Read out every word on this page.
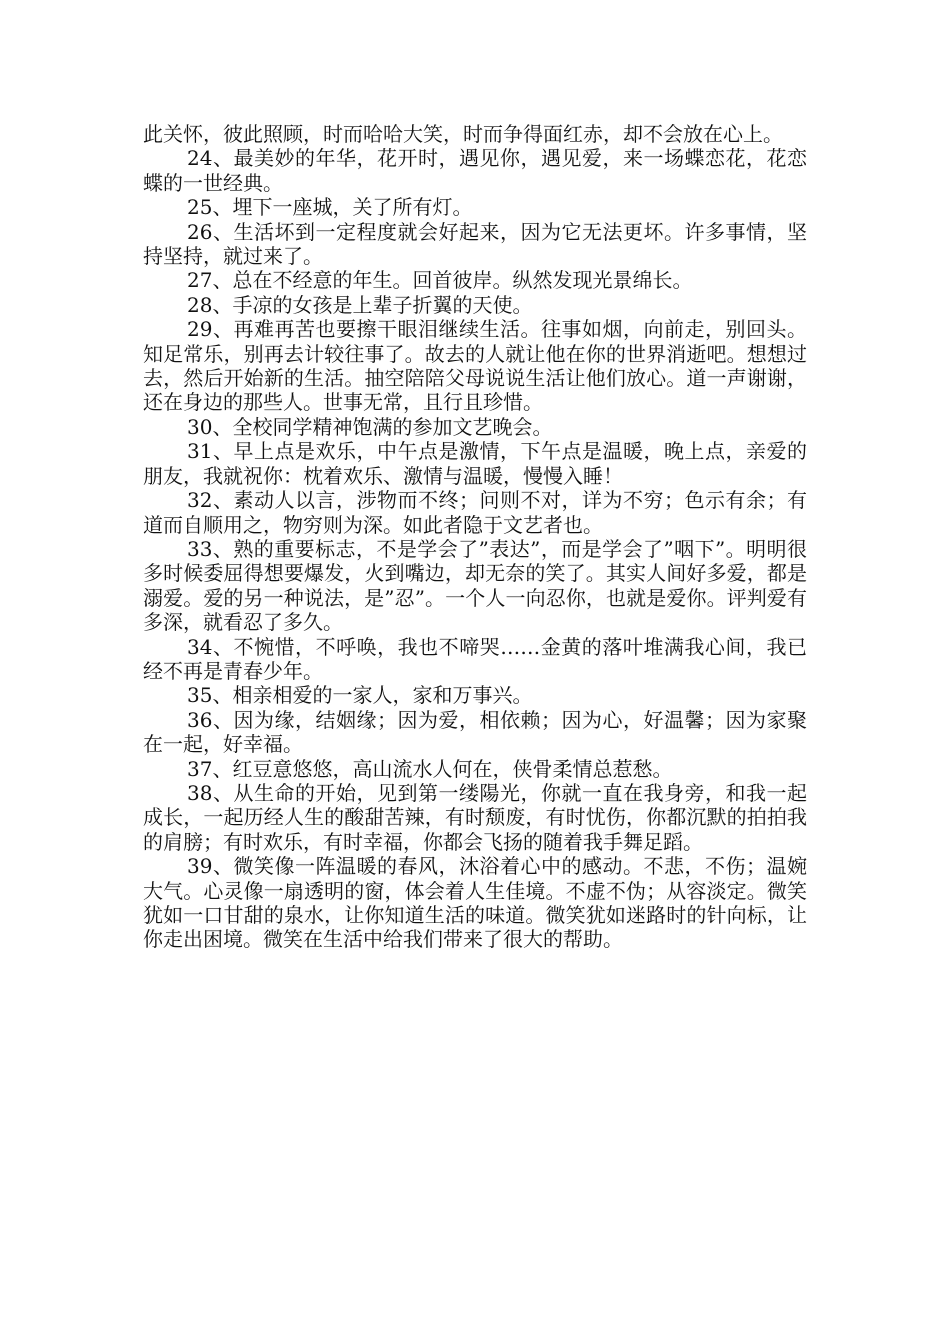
此关怀，彼此照顾，时而哈哈大笑，时而争得面红赤，却不会放在心上。

24、最美妙的年华，花开时，遇见你，遇见爱，来一场蝶恋花，花恋蝶的一世经典。

25、埋下一座城，关了所有灯。

26、生活坏到一定程度就会好起来，因为它无法更坏。许多事情，坚持坚持，就过来了。

27、总在不经意的年生。回首彼岸。纵然发现光景绵长。

28、手凉的女孩是上辈子折翼的天使。

29、再难再苦也要擦干眼泪继续生活。往事如烟，向前走，别回头。知足常乐，别再去计较往事了。故去的人就让他在你的世界消逝吧。想想过去，然后开始新的生活。抽空陪陪父母说说生活让他们放心。道一声谢谢，还在身边的那些人。世事无常，且行且珍惜。

30、全校同学精神饱满的参加文艺晚会。

31、早上点是欢乐，中午点是激情，下午点是温暖，晚上点，亲爱的朋友，我就祝你：枕着欢乐、激情与温暖，慢慢入睡！

32、素动人以言，涉物而不终；问则不对，详为不穷；色示有余；有道而自顺用之，物穷则为深。如此者隐于文艺者也。

33、熟的重要标志，不是学会了”表达”，而是学会了”咽下”。明明很多时候委屈得想要爆发，火到嘴边，却无奈的笑了。其实人间好多爱，都是溺爱。爱的另一种说法，是”忍”。一个人一向忍你，也就是爱你。评判爱有多深，就看忍了多久。

34、不惋惜，不呼唤，我也不啼哭……金黄的落叶堆满我心间，我已经不再是青春少年。

35、相亲相爱的一家人，家和万事兴。

36、因为缘，结姻缘；因为爱，相依赖；因为心，好温馨；因为家聚在一起，好幸福。

37、红豆意悠悠，高山流水人何在，侠骨柔情总惹愁。

38、从生命的开始，见到第一缕陽光，你就一直在我身旁，和我一起成长，一起历经人生的酸甜苦辣，有时颓废，有时忧伤，你都沉默的拍拍我的肩膀；有时欢乐，有时幸福，你都会飞扬的随着我手舞足蹈。

39、微笑像一阵温暖的春风，沐浴着心中的感动。不悲，不伤；温婉大气。心灵像一扇透明的窗，体会着人生佳境。不虚不伪；从容淡定。微笑犹如一口甘甜的泉水，让你知道生活的味道。微笑犹如迷路时的针向标，让你走出困境。微笑在生活中给我们带来了很大的帮助。
